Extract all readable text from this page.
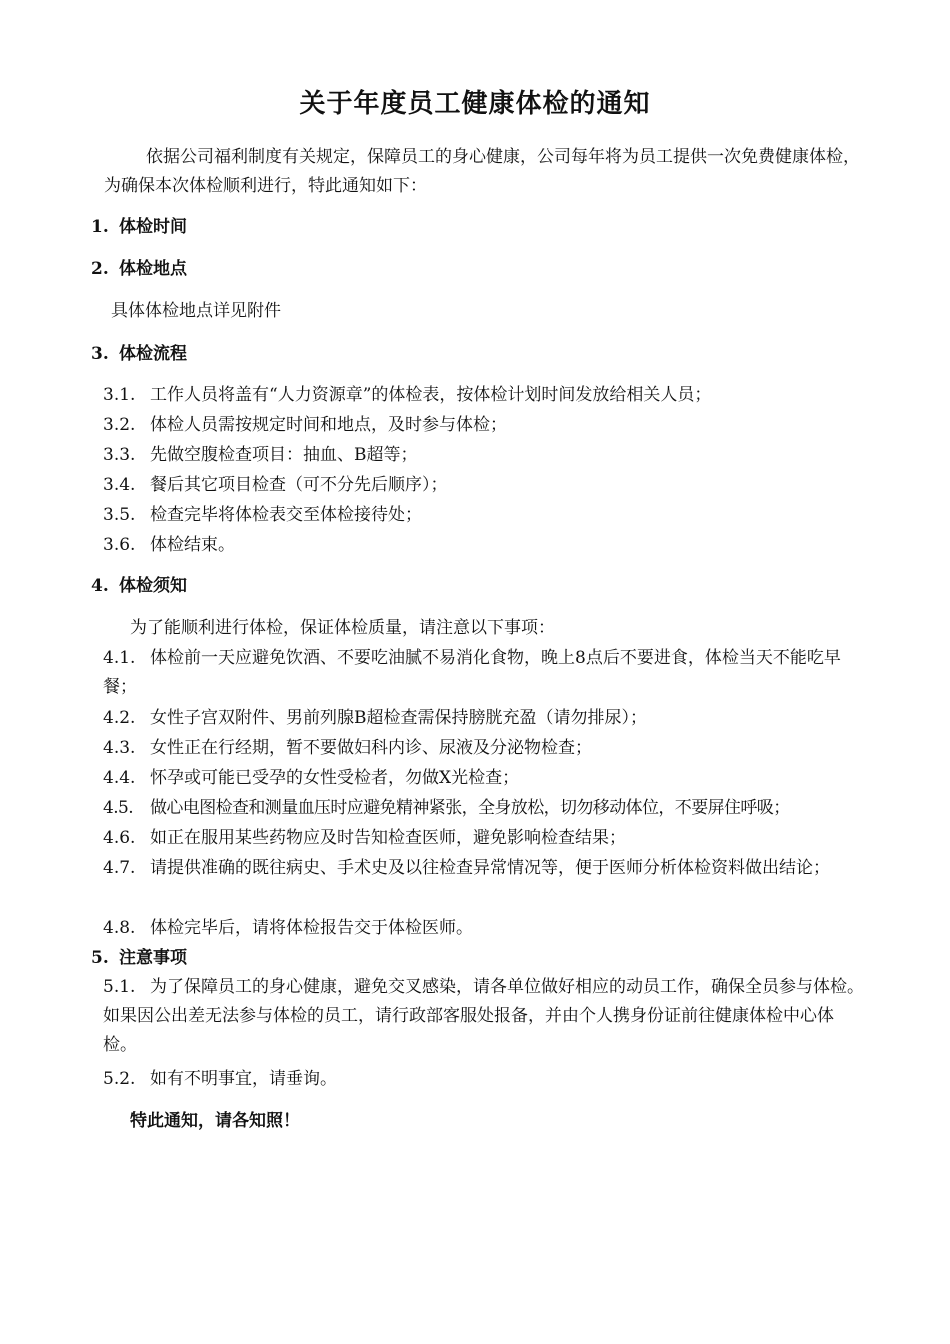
关于年度员工健康体检的通知
依据公司福利制度有关规定，保障员工的身心健康，公司每年将为员工提供一次免费健康体检，为确保本次体检顺利进行，特此通知如下：
1. 体检时间
2. 体检地点
具体体检地点详见附件
3. 体检流程
3.1. 工作人员将盖有“人力资源章”的体检表，按体检计划时间发放给相关人员；
3.2. 体检人员需按规定时间和地点，及时参与体检；
3.3. 先做空腹检查项目：抽血、B超等；
3.4. 餐后其它项目检查（可不分先后顺序）；
3.5. 检查完毕将体检表交至体检接待处；
3.6. 体检结束。
4. 体检须知
为了能顺利进行体检，保证体检质量，请注意以下事项：
4.1. 体检前一天应避免饮酒、不要吃油腻不易消化食物，晚上8点后不要进食，体检当天不能吃早餐；
4.2. 女性子宫双附件、男前列腺B超检查需保持膀胱充盈（请勿排尿）；
4.3. 女性正在行经期，暂不要做妇科内诊、尿液及分泌物检查；
4.4. 怀孕或可能已受孕的女性受检者，勿做X光检查；
4.5. 做心电图检查和测量血压时应避免精神紧张，全身放松，切勿移动体位，不要屏住呼吸；
4.6. 如正在服用某些药物应及时告知检查医师，避免影响检查结果；
4.7. 请提供准确的既往病史、手术史及以往检查异常情况等，便于医师分析体检资料做出结论；
4.8. 体检完毕后，请将体检报告交于体检医师。
5. 注意事项
5.1. 为了保障员工的身心健康，避免交叉感染，请各单位做好相应的动员工作，确保全员参与体检。如果因公出差无法参与体检的员工，请行政部客服处报备，并由个人携身份证前往健康体检中心体检。
5.2. 如有不明事宜，请垂询。
特此通知，请各知照！
